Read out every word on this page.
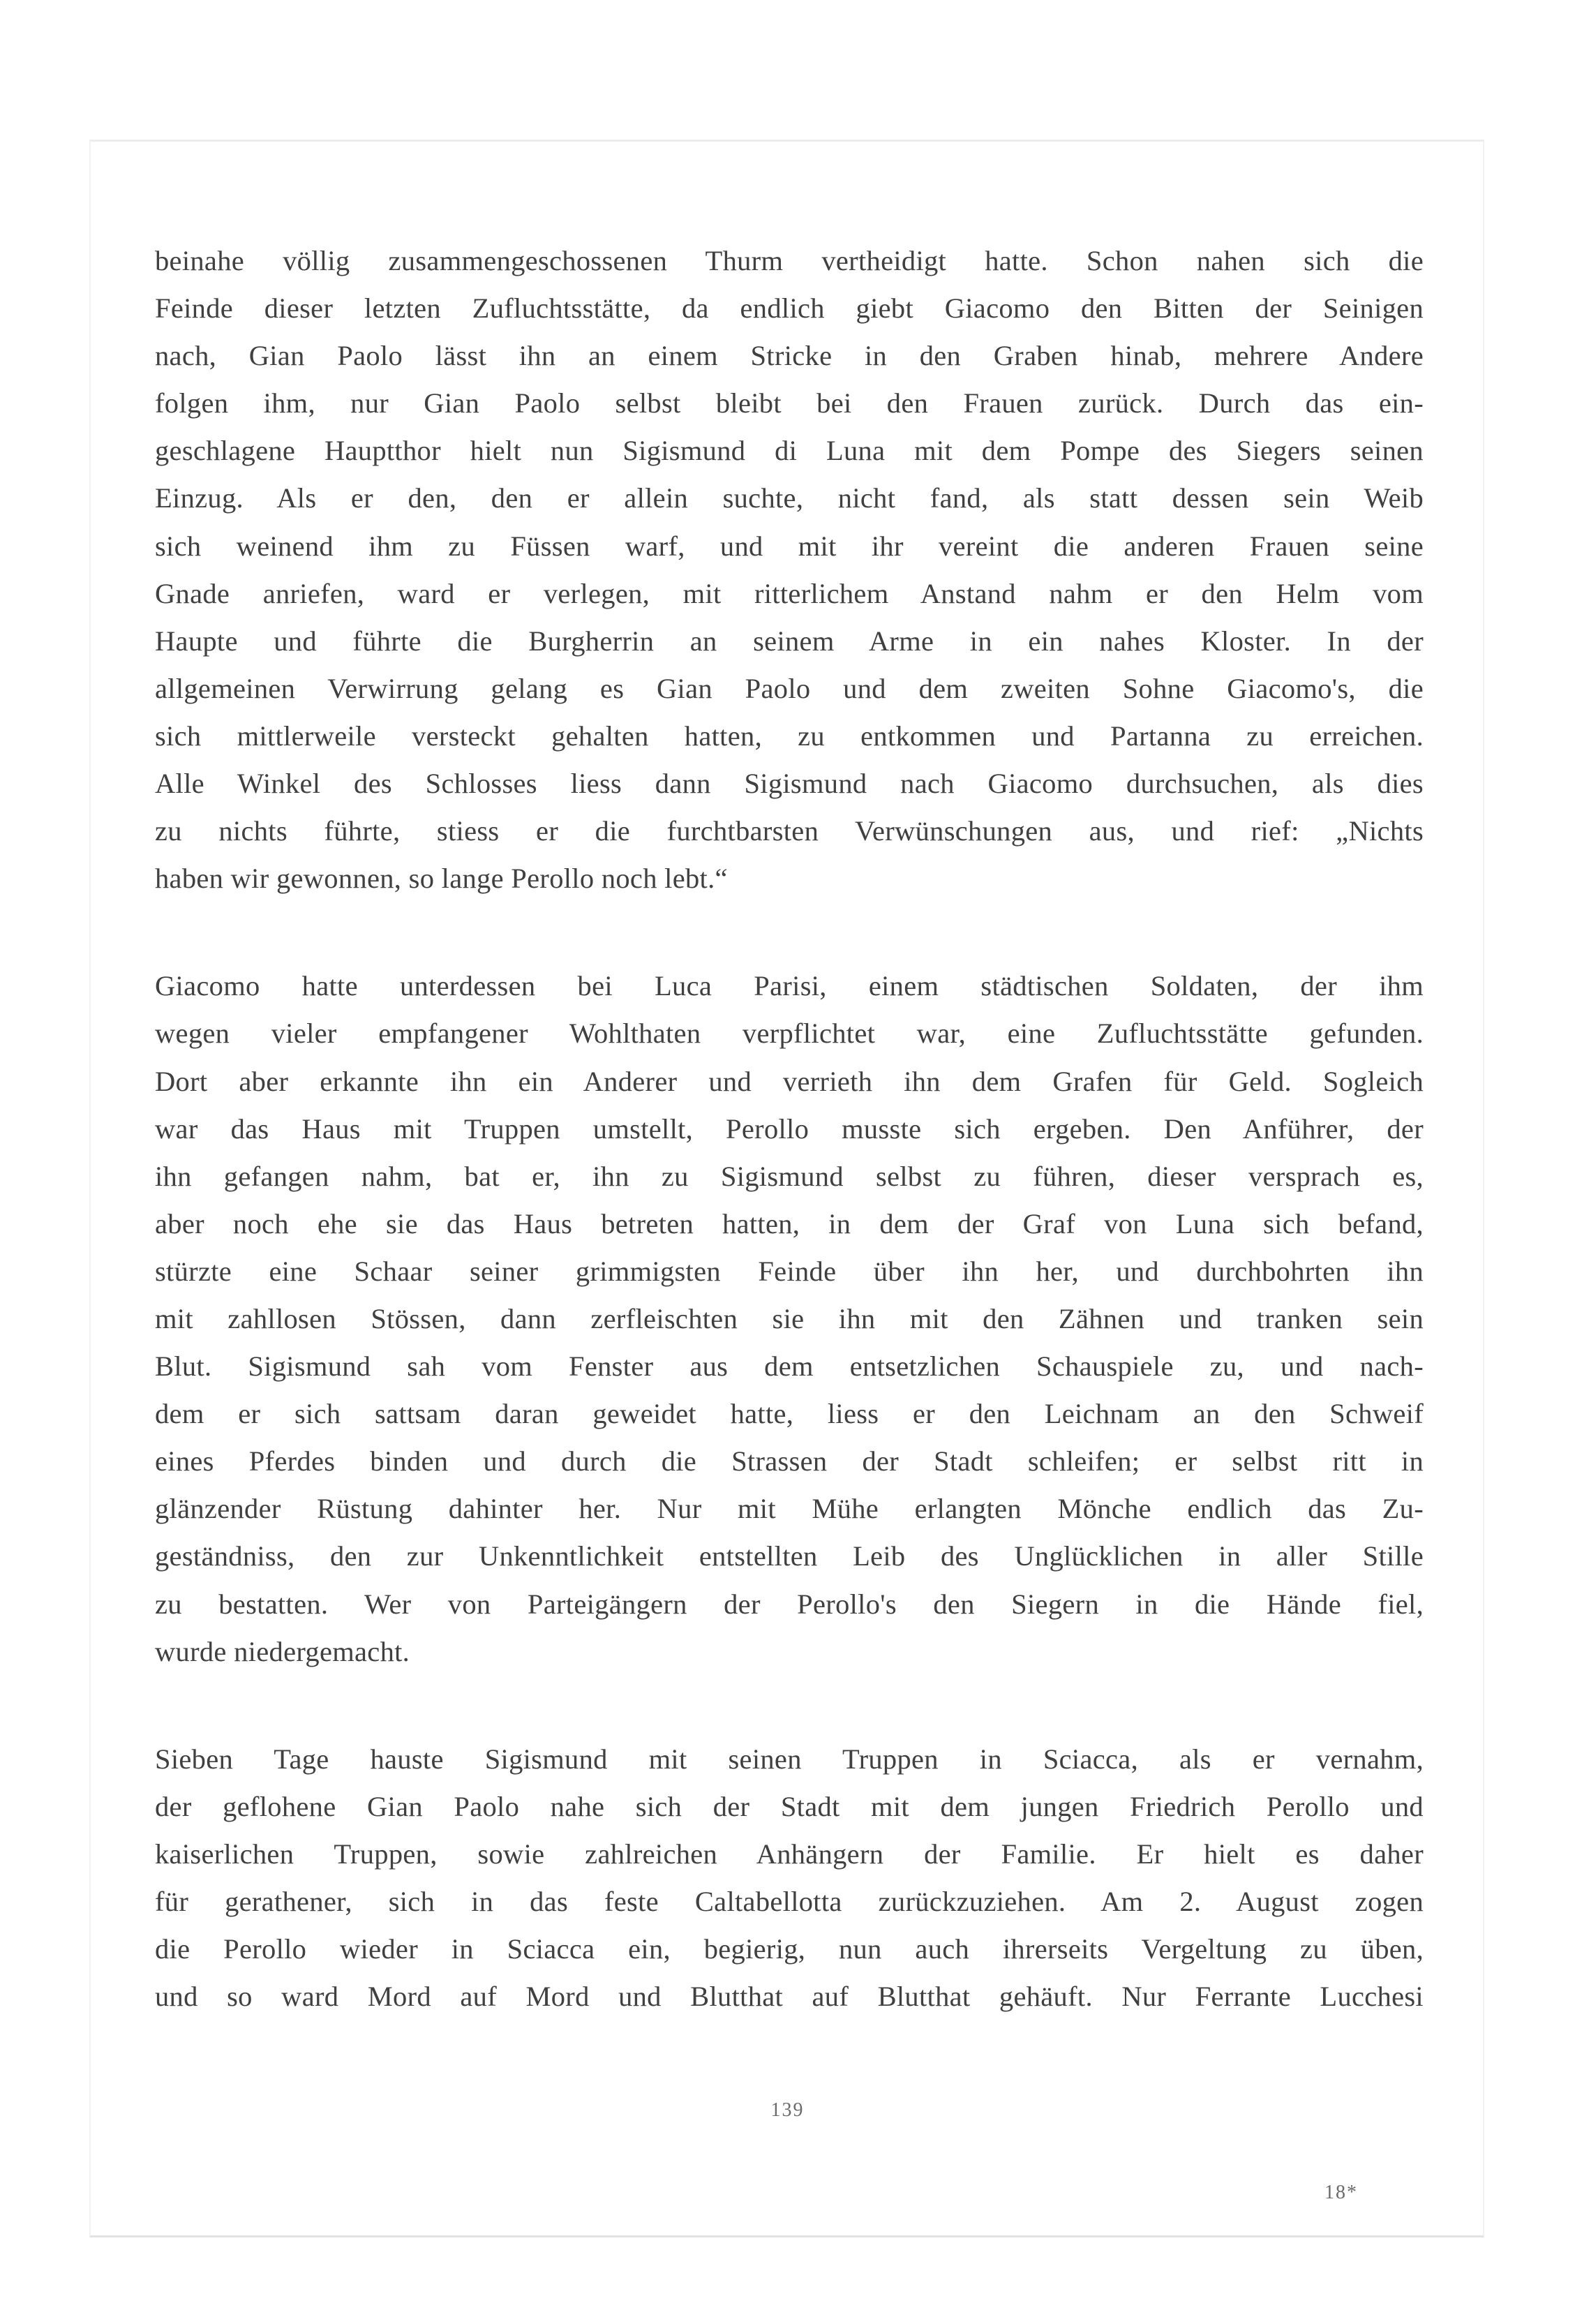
beinahe völlig zusammengeschossenen Thurm vertheidigt hatte. Schon nahen sich die
Feinde dieser letzten Zufluchtsstätte, da endlich giebt Giacomo den Bitten der Seinigen
nach, Gian Paolo lässt ihn an einem Stricke in den Graben hinab, mehrere Andere
folgen ihm, nur Gian Paolo selbst bleibt bei den Frauen zurück. Durch das ein-
geschlagene Hauptthor hielt nun Sigismund di Luna mit dem Pompe des Siegers seinen
Einzug. Als er den, den er allein suchte, nicht fand, als statt dessen sein Weib
sich weinend ihm zu Füssen warf, und mit ihr vereint die anderen Frauen seine
Gnade anriefen, ward er verlegen, mit ritterlichem Anstand nahm er den Helm vom
Haupte und führte die Burgherrin an seinem Arme in ein nahes Kloster. In der
allgemeinen Verwirrung gelang es Gian Paolo und dem zweiten Sohne Giacomo's, die
sich mittlerweile versteckt gehalten hatten, zu entkommen und Partanna zu erreichen.
Alle Winkel des Schlosses liess dann Sigismund nach Giacomo durchsuchen, als dies
zu nichts führte, stiess er die furchtbarsten Verwünschungen aus, und rief: „Nichts
haben wir gewonnen, so lange Perollo noch lebt.“

Giacomo hatte unterdessen bei Luca Parisi, einem städtischen Soldaten, der ihm
wegen vieler empfangener Wohlthaten verpflichtet war, eine Zufluchtsstätte gefunden.
Dort aber erkannte ihn ein Anderer und verrieth ihn dem Grafen für Geld. Sogleich
war das Haus mit Truppen umstellt, Perollo musste sich ergeben. Den Anführer, der
ihn gefangen nahm, bat er, ihn zu Sigismund selbst zu führen, dieser versprach es,
aber noch ehe sie das Haus betreten hatten, in dem der Graf von Luna sich befand,
stürzte eine Schaar seiner grimmigsten Feinde über ihn her, und durchbohrten ihn
mit zahllosen Stössen, dann zerfleischten sie ihn mit den Zähnen und tranken sein
Blut. Sigismund sah vom Fenster aus dem entsetzlichen Schauspiele zu, und nach-
dem er sich sattsam daran geweidet hatte, liess er den Leichnam an den Schweif
eines Pferdes binden und durch die Strassen der Stadt schleifen; er selbst ritt in
glänzender Rüstung dahinter her. Nur mit Mühe erlangten Mönche endlich das Zu-
geständniss, den zur Unkenntlichkeit entstellten Leib des Unglücklichen in aller Stille
zu bestatten. Wer von Parteigängern der Perollo's den Siegern in die Hände fiel,
wurde niedergemacht.

Sieben Tage hauste Sigismund mit seinen Truppen in Sciacca, als er vernahm,
der geflohene Gian Paolo nahe sich der Stadt mit dem jungen Friedrich Perollo und
kaiserlichen Truppen, sowie zahlreichen Anhängern der Familie. Er hielt es daher
für gerathener, sich in das feste Caltabellotta zurückzuziehen. Am 2. August zogen
die Perollo wieder in Sciacca ein, begierig, nun auch ihrerseits Vergeltung zu üben,
und so ward Mord auf Mord und Blutthat auf Blutthat gehäuft. Nur Ferrante Lucchesi

139
18*
